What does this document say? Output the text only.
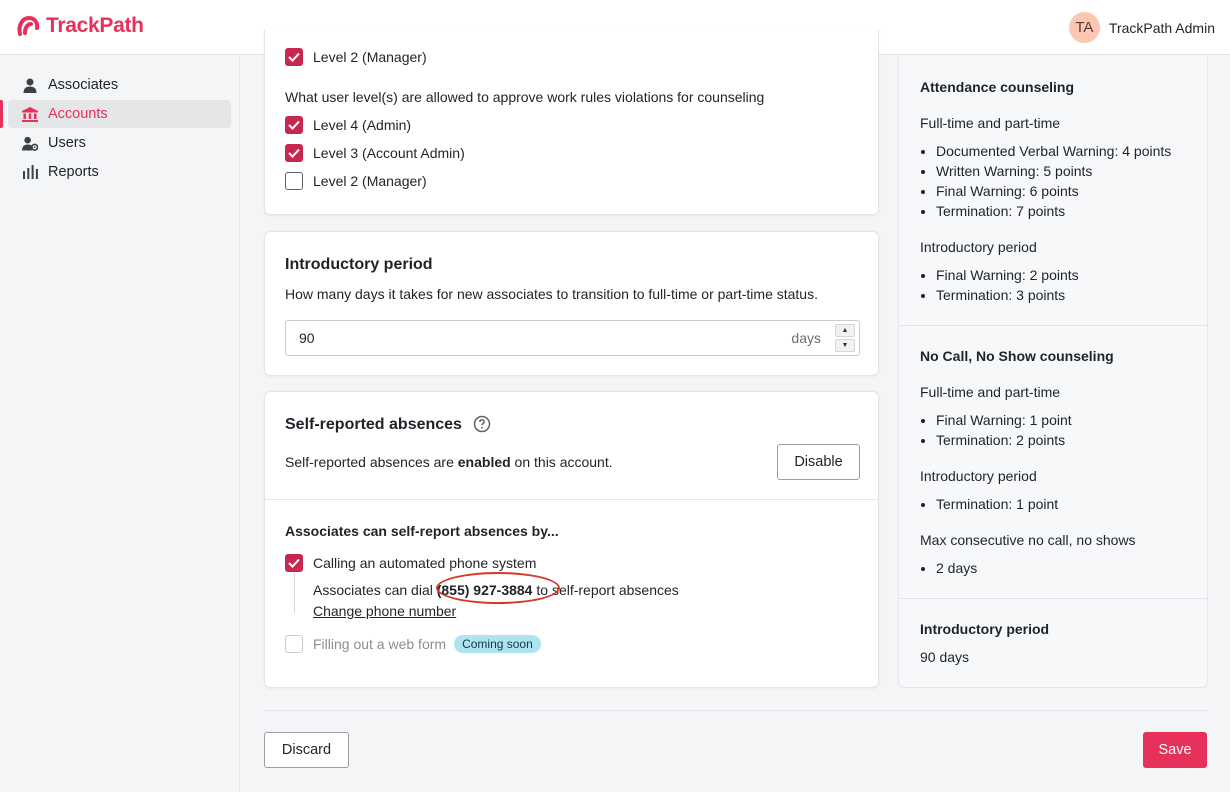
TrackPath	TA	TrackPath Admin
Associates
Accounts
Users
Reports
Level 2 (Manager)
What user level(s) are allowed to approve work rules violations for counseling
Level 4 (Admin)
Level 3 (Account Admin)
Level 2 (Manager)
Introductory period
How many days it takes for new associates to transition to full-time or part-time status.
90	days	▲
▼
Self-reported absences
Self-reported absences are enabled on this account.	Disable
Associates can self-report absences by...
Calling an automated phone system
Associates can dial (855) 927-3884 to self-report absences
Change phone number
Filling out a web form	Coming soon
Attendance counseling
Full-time and part-time
• Documented Verbal Warning: 4 points
• Written Warning: 5 points
• Final Warning: 6 points
• Termination: 7 points
Introductory period
• Final Warning: 2 points
• Termination: 3 points
No Call, No Show counseling
Full-time and part-time
• Final Warning: 1 point
• Termination: 2 points
Introductory period
• Termination: 1 point
Max consecutive no call, no shows
• 2 days
Introductory period
90 days
Discard	Save
